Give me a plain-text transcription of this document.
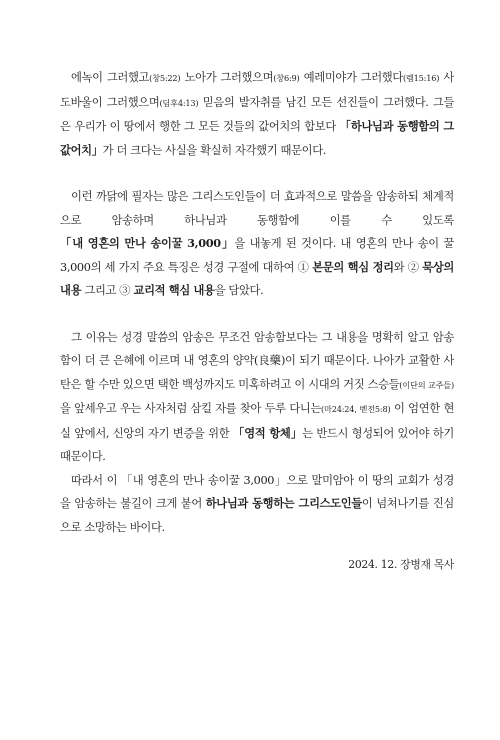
에녹이 그러했고(창5:22) 노아가 그러했으며(창6:9) 예레미야가 그러했다(렘15:16) 사도바울이 그러했으며(딤후4:13) 믿음의 발자취를 남긴 모든 선진들이 그러했다. 그들은 우리가 이 땅에서 행한 그 모든 것들의 값어치의 합보다 「하나님과 동행함의 그 값어치」가 더 크다는 사실을 확실히 자각했기 때문이다.

이런 까닭에 필자는 많은 그리스도인들이 더 효과적으로 말씀을 암송하되 체계적으로 암송하며 하나님과 동행함에 이를 수 있도록 「내 영혼의 만나 송이꿀 3,000」을 내놓게 된 것이다. 내 영혼의 만나 송이 꿀 3,000의 세 가지 주요 특징은 성경 구절에 대하여 ① 본문의 핵심 정리와 ② 묵상의 내용 그리고 ③ 교리적 핵심 내용을 담았다.

그 이유는 성경 말씀의 암송은 무조건 암송함보다는 그 내용을 명확히 알고 암송함이 더 큰 은혜에 이르며 내 영혼의 양약(良藥)이 되기 때문이다. 나아가 교활한 사탄은 할 수만 있으면 택한 백성까지도 미혹하려고 이 시대의 거짓 스승들(이단의 교주들)을 앞세우고 우는 사자처럼 삼킬 자를 찾아 두루 다니는(마24:24, 벧전5:8) 이 엄연한 현실 앞에서, 신앙의 자기 변증을 위한 「영적 항체」는 반드시 형성되어 있어야 하기 때문이다.

따라서 이 「내 영혼의 만나 송이꿀 3,000」으로 말미암아 이 땅의 교회가 성경을 암송하는 불길이 크게 붙어 하나님과 동행하는 그리스도인들이 넘쳐나기를 진심으로 소망하는 바이다.

2024. 12. 장병재 목사
